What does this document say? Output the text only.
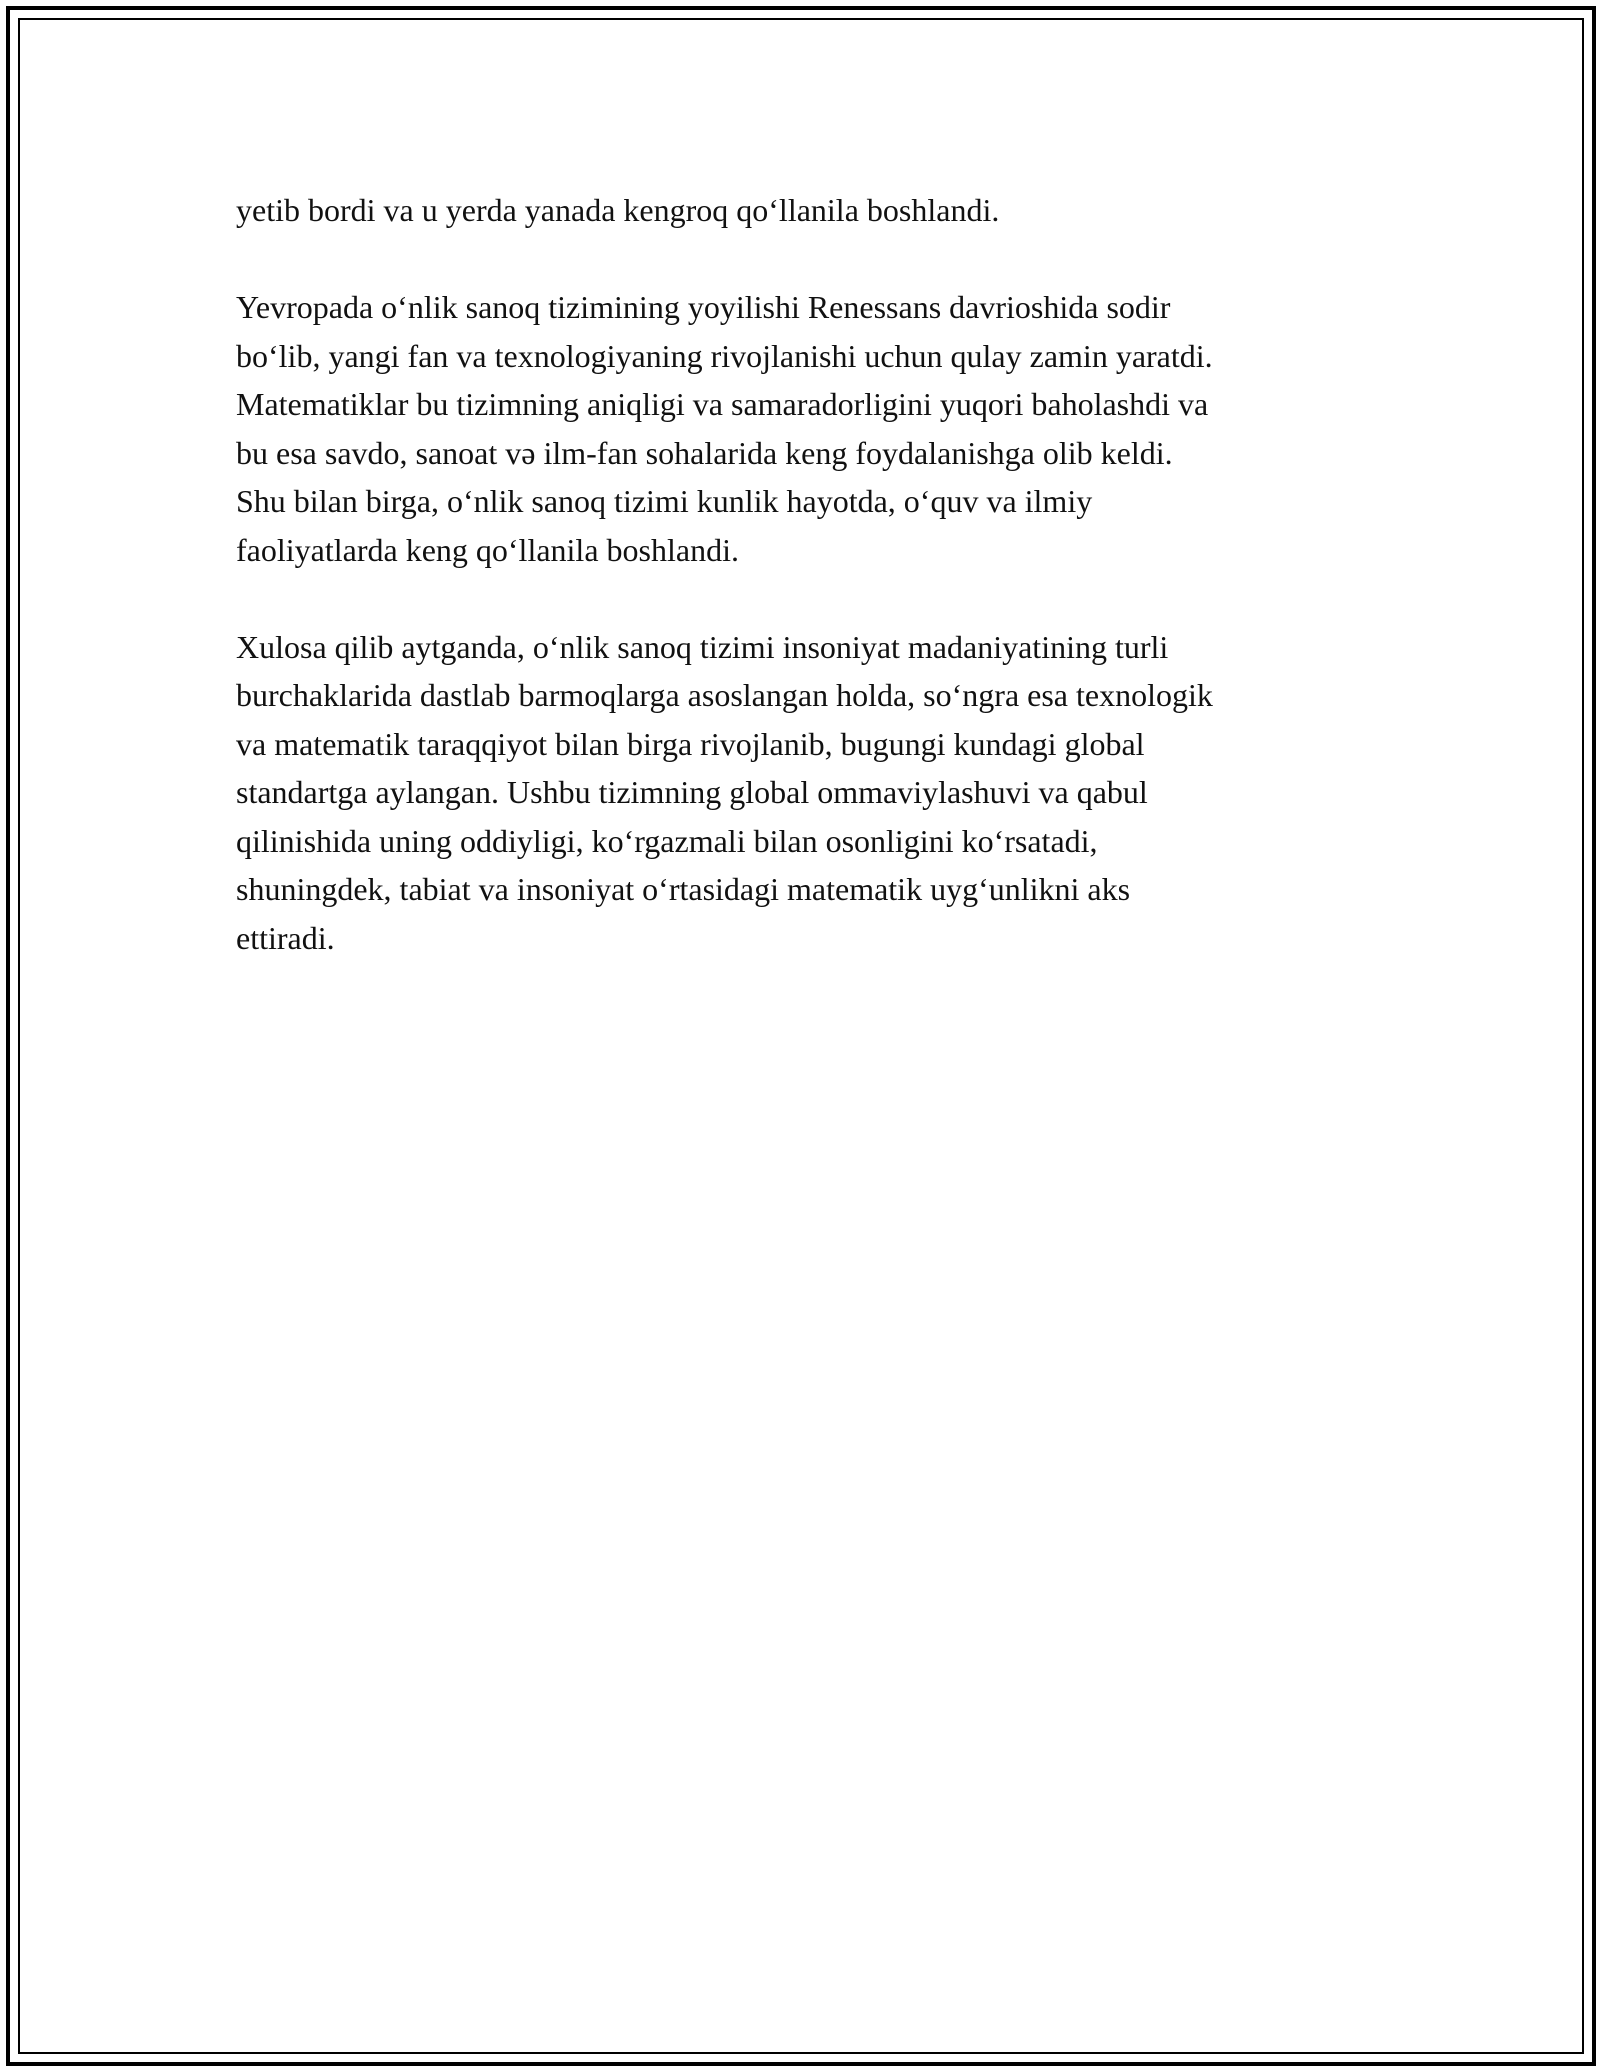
yetib bordi va u yerda yanada kengroq qo‘llanila boshlandi.

Yevropada o‘nlik sanoq tizimining yoyilishi Renessans davrioshida sodir
bo‘lib, yangi fan va texnologiyaning rivojlanishi uchun qulay zamin yaratdi.
Matematiklar bu tizimning aniqligi va samaradorligini yuqori baholashdi va
bu esa savdo, sanoat və ilm-fan sohalarida keng foydalanishga olib keldi.
Shu bilan birga, o‘nlik sanoq tizimi kunlik hayotda, o‘quv va ilmiy
faoliyatlarda keng qo‘llanila boshlandi.

Xulosa qilib aytganda, o‘nlik sanoq tizimi insoniyat madaniyatining turli
burchaklarida dastlab barmoqlarga asoslangan holda, so‘ngra esa texnologik
va matematik taraqqiyot bilan birga rivojlanib, bugungi kundagi global
standartga aylangan. Ushbu tizimning global ommaviylashuvi va qabul
qilinishida uning oddiyligi, ko‘rgazmali bilan osonligini ko‘rsatadi,
shuningdek, tabiat va insoniyat o‘rtasidagi matematik uyg‘unlikni aks
ettiradi.
